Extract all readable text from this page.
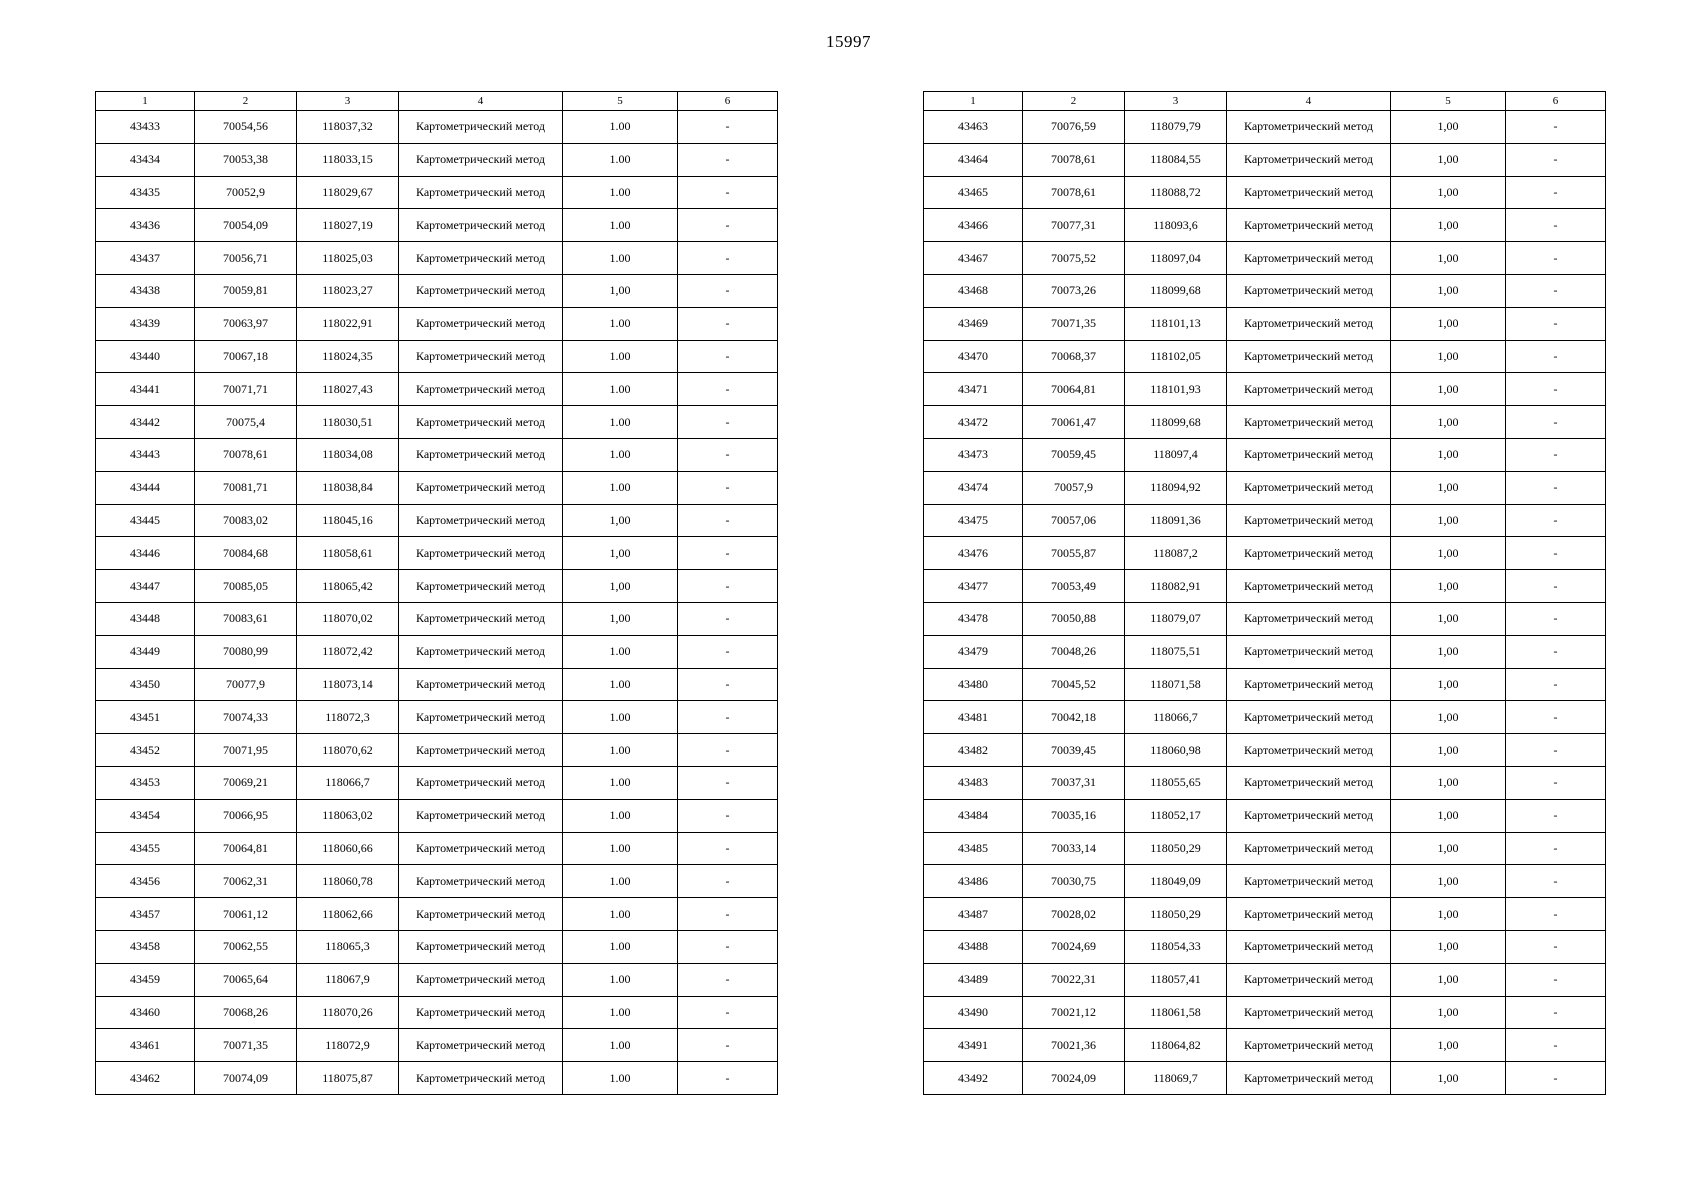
15997
1	2	3	4	5	6
43433	70054,56	118037,32	Картометрический метод	1.00	-
43434	70053,38	118033,15	Картометрический метод	1.00	-
43435	70052,9	118029,67	Картометрический метод	1.00	-
43436	70054,09	118027,19	Картометрический метод	1.00	-
43437	70056,71	118025,03	Картометрический метод	1.00	-
43438	70059,81	118023,27	Картометрический метод	1,00	-
43439	70063,97	118022,91	Картометрический метод	1.00	-
43440	70067,18	118024,35	Картометрический метод	1.00	-
43441	70071,71	118027,43	Картометрический метод	1.00	-
43442	70075,4	118030,51	Картометрический метод	1.00	-
43443	70078,61	118034,08	Картометрический метод	1.00	-
43444	70081,71	118038,84	Картометрический метод	1.00	-
43445	70083,02	118045,16	Картометрический метод	1,00	-
43446	70084,68	118058,61	Картометрический метод	1,00	-
43447	70085,05	118065,42	Картометрический метод	1,00	-
43448	70083,61	118070,02	Картометрический метод	1,00	-
43449	70080,99	118072,42	Картометрический метод	1.00	-
43450	70077,9	118073,14	Картометрический метод	1.00	-
43451	70074,33	118072,3	Картометрический метод	1.00	-
43452	70071,95	118070,62	Картометрический метод	1.00	-
43453	70069,21	118066,7	Картометрический метод	1.00	-
43454	70066,95	118063,02	Картометрический метод	1.00	-
43455	70064,81	118060,66	Картометрический метод	1.00	-
43456	70062,31	118060,78	Картометрический метод	1.00	-
43457	70061,12	118062,66	Картометрический метод	1.00	-
43458	70062,55	118065,3	Картометрический метод	1.00	-
43459	70065,64	118067,9	Картометрический метод	1.00	-
43460	70068,26	118070,26	Картометрический метод	1.00	-
43461	70071,35	118072,9	Картометрический метод	1.00	-
43462	70074,09	118075,87	Картометрический метод	1.00	-
1	2	3	4	5	6
43463	70076,59	118079,79	Картометрический метод	1,00	-
43464	70078,61	118084,55	Картометрический метод	1,00	-
43465	70078,61	118088,72	Картометрический метод	1,00	-
43466	70077,31	118093,6	Картометрический метод	1,00	-
43467	70075,52	118097,04	Картометрический метод	1,00	-
43468	70073,26	118099,68	Картометрический метод	1,00	-
43469	70071,35	118101,13	Картометрический метод	1,00	-
43470	70068,37	118102,05	Картометрический метод	1,00	-
43471	70064,81	118101,93	Картометрический метод	1,00	-
43472	70061,47	118099,68	Картометрический метод	1,00	-
43473	70059,45	118097,4	Картометрический метод	1,00	-
43474	70057,9	118094,92	Картометрический метод	1,00	-
43475	70057,06	118091,36	Картометрический метод	1,00	-
43476	70055,87	118087,2	Картометрический метод	1,00	-
43477	70053,49	118082,91	Картометрический метод	1,00	-
43478	70050,88	118079,07	Картометрический метод	1,00	-
43479	70048,26	118075,51	Картометрический метод	1,00	-
43480	70045,52	118071,58	Картометрический метод	1,00	-
43481	70042,18	118066,7	Картометрический метод	1,00	-
43482	70039,45	118060,98	Картометрический метод	1,00	-
43483	70037,31	118055,65	Картометрический метод	1,00	-
43484	70035,16	118052,17	Картометрический метод	1,00	-
43485	70033,14	118050,29	Картометрический метод	1,00	-
43486	70030,75	118049,09	Картометрический метод	1,00	-
43487	70028,02	118050,29	Картометрический метод	1,00	-
43488	70024,69	118054,33	Картометрический метод	1,00	-
43489	70022,31	118057,41	Картометрический метод	1,00	-
43490	70021,12	118061,58	Картометрический метод	1,00	-
43491	70021,36	118064,82	Картометрический метод	1,00	-
43492	70024,09	118069,7	Картометрический метод	1,00	-
